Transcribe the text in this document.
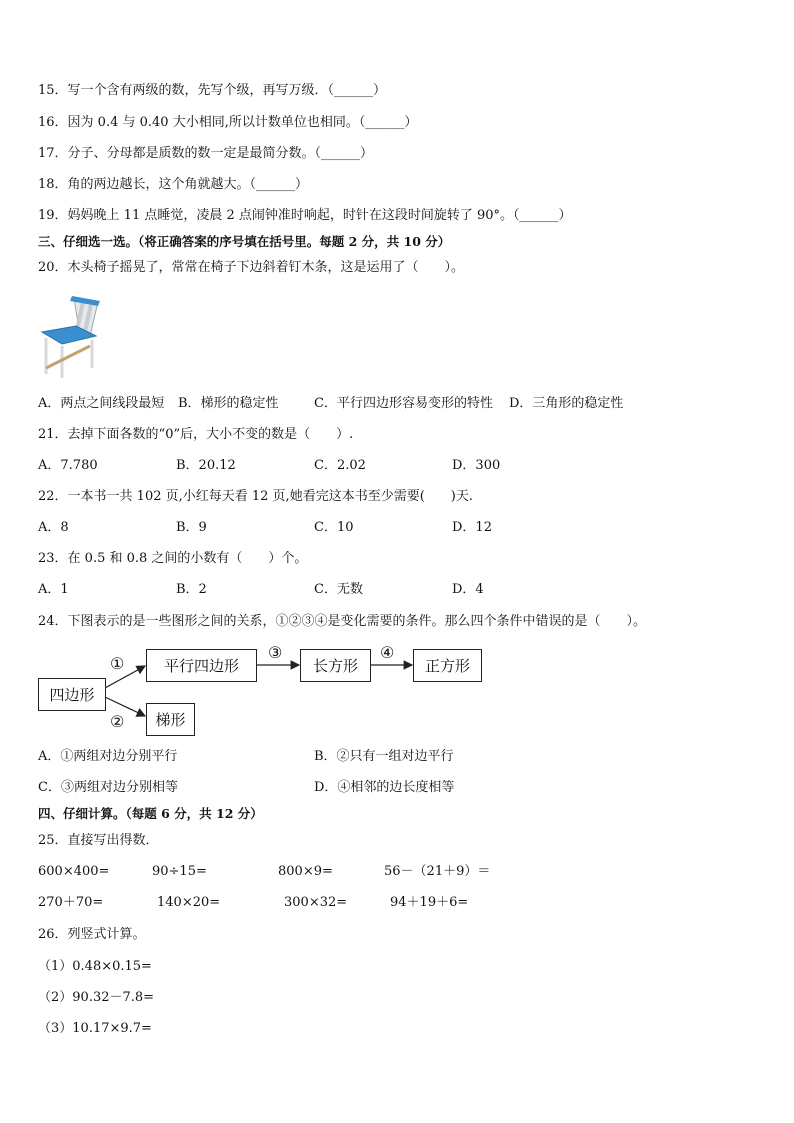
15．写一个含有两级的数，先写个级，再写万级．（______）
16．因为 0.4 与 0.40 大小相同,所以计数单位也相同。（______）
17．分子、分母都是质数的数一定是最简分数。（______）
18．角的两边越长，这个角就越大。（______）
19．妈妈晚上 11 点睡觉，凌晨 2 点闹钟准时响起，时针在这段时间旋转了 90°。（______）
三、仔细选一选。（将正确答案的序号填在括号里。每题 2 分，共 10 分）
20．木头椅子摇晃了，常常在椅子下边斜着钉木条，这是运用了（　　）。
A．两点之间线段最短 B．梯形的稳定性	C．平行四边形容易变形的特性 D．三角形的稳定性
21．去掉下面各数的“0”后，大小不变的数是（　　）.
A．7.780	B．20.12	C．2.02	D．300
22．一本书一共 102 页,小红每天看 12 页,她看完这本书至少需要(　　)天.
A．8	B．9	C．10	D．12
23．在 0.5 和 0.8 之间的小数有（　　）个。
A．1	B．2	C．无数	D．4
24．下图表示的是一些图形之间的关系，①②③④是变化需要的条件。那么四个条件中错误的是（　　）。
四边形
平行四边形	长方形	正方形
梯形
①
②
③	④
A．①两组对边分别平行	B．②只有一组对边平行
C．③两组对边分别相等	D．④相邻的边长度相等
四、仔细计算。（每题 6 分，共 12 分）
25．直接写出得数．
600×400=	90÷15=	800×9=	56－（21＋9）＝
270＋70=	140×20=	300×32=	94＋19＋6=
26．列竖式计算。
（1）0.48×0.15=
（2）90.32－7.8=
（3）10.17×9.7=
